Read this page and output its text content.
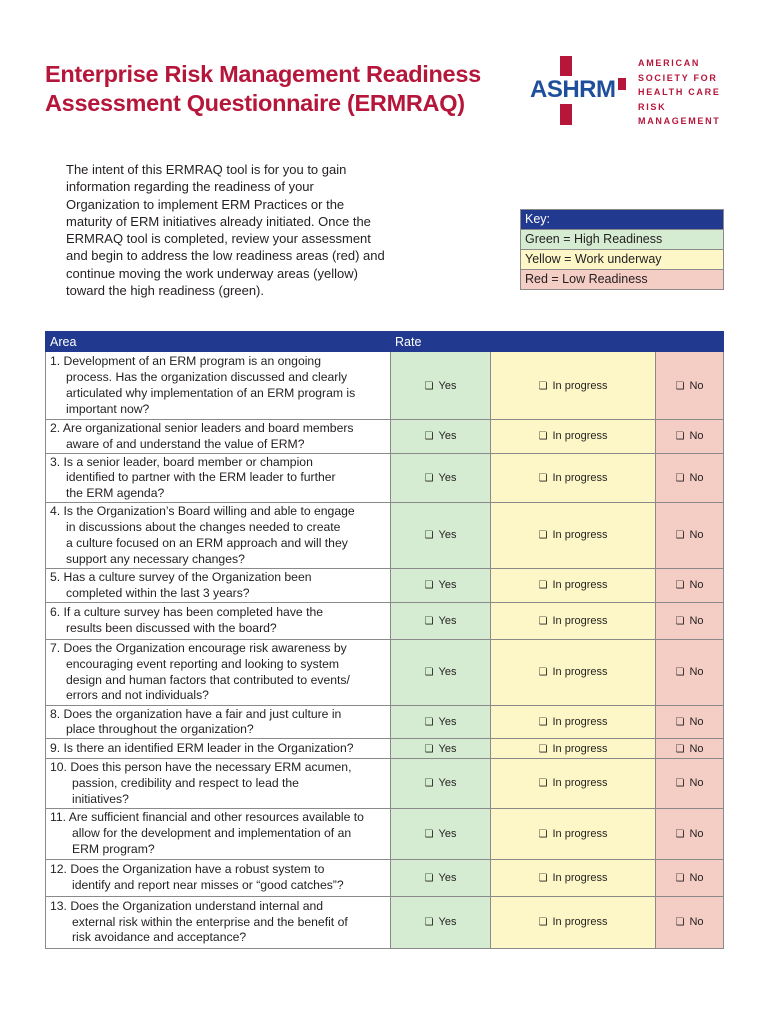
Enterprise Risk Management Readiness
Assessment Questionnaire (ERMRAQ)	ASHRM
AMERICAN
SOCIETY FOR
HEALTH CARE
RISK
MANAGEMENT
The intent of this ERMRAQ tool is for you to gain
information regarding the readiness of your
Organization to implement ERM Practices or the
maturity of ERM initiatives already initiated. Once the
ERMRAQ tool is completed, review your assessment
and begin to address the low readiness areas (red) and
continue moving the work underway areas (yellow)
toward the high readiness (green).
Key:
Green = High Readiness
Yellow = Work underway
Red = Low Readiness
Area	Rate		

1. Development of an ERM program is an ongoing
process. Has the organization discussed and clearly
articulated why implementation of an ERM program is
important now?	❏ Yes	❏ In progress	❏ No

2. Are organizational senior leaders and board members
aware of and understand the value of ERM?	❏ Yes	❏ In progress	❏ No

3. Is a senior leader, board member or champion
identified to partner with the ERM leader to further
the ERM agenda?	❏ Yes	❏ In progress	❏ No

4. Is the Organization’s Board willing and able to engage
in discussions about the changes needed to create
a culture focused on an ERM approach and will they
support any necessary changes?	❏ Yes	❏ In progress	❏ No

5. Has a culture survey of the Organization been
completed within the last 3 years?	❏ Yes	❏ In progress	❏ No

6. If a culture survey has been completed have the
results been discussed with the board?	❏ Yes	❏ In progress	❏ No

7. Does the Organization encourage risk awareness by
encouraging event reporting and looking to system
design and human factors that contributed to events/
errors and not individuals?	❏ Yes	❏ In progress	❏ No

8. Does the organization have a fair and just culture in
place throughout the organization?	❏ Yes	❏ In progress	❏ No

9. Is there an identified ERM leader in the Organization?	❏ Yes	❏ In progress	❏ No

10. Does this person have the necessary ERM acumen,
passion, credibility and respect to lead the
initiatives?	❏ Yes	❏ In progress	❏ No

11. Are sufficient financial and other resources available to
allow for the development and implementation of an
ERM program?	❏ Yes	❏ In progress	❏ No

12. Does the Organization have a robust system to
identify and report near misses or “good catches”?	❏ Yes	❏ In progress	❏ No

13. Does the Organization understand internal and
external risk within the enterprise and the benefit of
risk avoidance and acceptance?	❏ Yes	❏ In progress	❏ No
